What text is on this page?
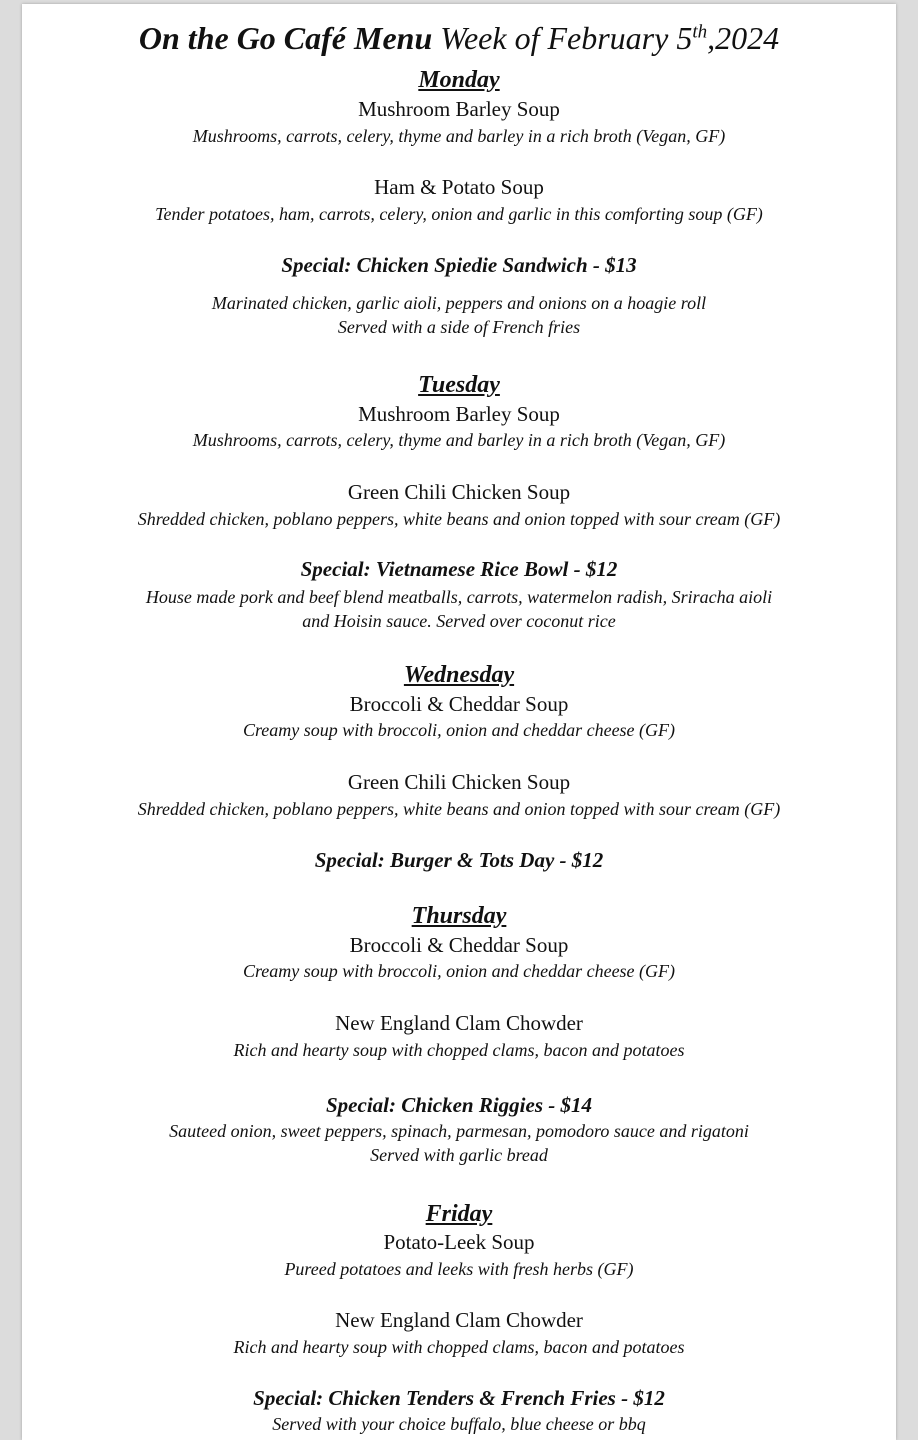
On the Go Café Menu Week of February 5th,2024
Monday
Mushroom Barley Soup
Mushrooms, carrots, celery, thyme and barley in a rich broth (Vegan, GF)
Ham & Potato Soup
Tender potatoes, ham, carrots, celery, onion and garlic in this comforting soup (GF)
Special: Chicken Spiedie Sandwich - $13
Marinated chicken, garlic aioli, peppers and onions on a hoagie roll
Served with a side of French fries
Tuesday
Mushroom Barley Soup
Mushrooms, carrots, celery, thyme and barley in a rich broth (Vegan, GF)
Green Chili Chicken Soup
Shredded chicken, poblano peppers, white beans and onion topped with sour cream (GF)
Special: Vietnamese Rice Bowl - $12
House made pork and beef blend meatballs, carrots, watermelon radish, Sriracha aioli
and Hoisin sauce. Served over coconut rice
Wednesday
Broccoli & Cheddar Soup
Creamy soup with broccoli, onion and cheddar cheese (GF)
Green Chili Chicken Soup
Shredded chicken, poblano peppers, white beans and onion topped with sour cream (GF)
Special: Burger & Tots Day - $12
Thursday
Broccoli & Cheddar Soup
Creamy soup with broccoli, onion and cheddar cheese (GF)
New England Clam Chowder
Rich and hearty soup with chopped clams, bacon and potatoes
Special: Chicken Riggies - $14
Sauteed onion, sweet peppers, spinach, parmesan, pomodoro sauce and rigatoni
Served with garlic bread
Friday
Potato-Leek Soup
Pureed potatoes and leeks with fresh herbs (GF)
New England Clam Chowder
Rich and hearty soup with chopped clams, bacon and potatoes
Special: Chicken Tenders & French Fries - $12
Served with your choice buffalo, blue cheese or bbq
